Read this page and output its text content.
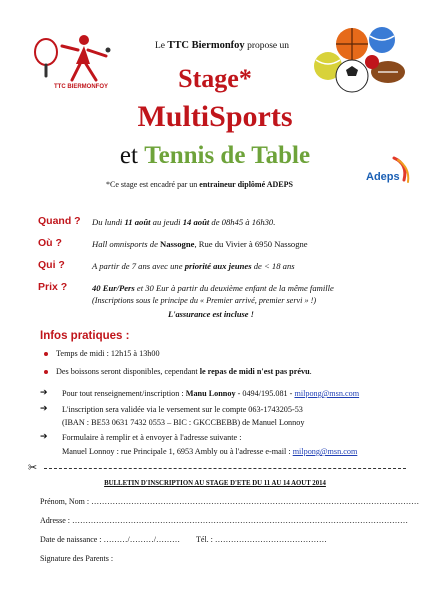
TTC BIERMONFOY
Le TTC Biermonfoy propose un
Stage*
MultiSports
et Tennis de Table
Adeps
*Ce stage est encadré par un entraineur diplômé ADEPS
Quand ? Du lundi 11 août au jeudi 14 août de 08h45 à 16h30.
Où ?	Hall omnisports de Nassogne, Rue du Vivier à 6950 Nassogne
Qui ?	A partir de 7 ans avec une priorité aux jeunes de < 18 ans
Prix ?	40 Eur/Pers et 30 Eur à partir du deuxième enfant de la même famille
(Inscriptions sous le principe du « Premier arrivé, premier servi » !)
L'assurance est incluse !
Infos pratiques :
Temps de midi : 12h15 à 13h00
Des boissons seront disponibles, cependant le repas de midi n'est pas prévu.
➔ Pour tout renseignement/inscription : Manu Lonnoy - 0494/195.081 - milpong@msn.com
➔ L'inscription sera validée via le versement sur le compte 063-1743205-53
(IBAN : BE53 0631 7432 0553 – BIC : GKCCBEBB) de Manuel Lonnoy
➔ Formulaire à remplir et à envoyer à l'adresse suivante :
Manuel Lonnoy : rue Principale 1, 6953 Ambly ou à l'adresse e-mail : milpong@msn.com
✂
BULLETIN D'INSCRIPTION AU STAGE D'ETE DU 11 AU 14 AOUT 2014
Prénom, Nom : ……………………………………………………………………………………………………………
Adresse : ………………………………………………………………………………………………………………
Date de naissance : ………/………/……… Tél. : ……………………………………
Signature des Parents :
